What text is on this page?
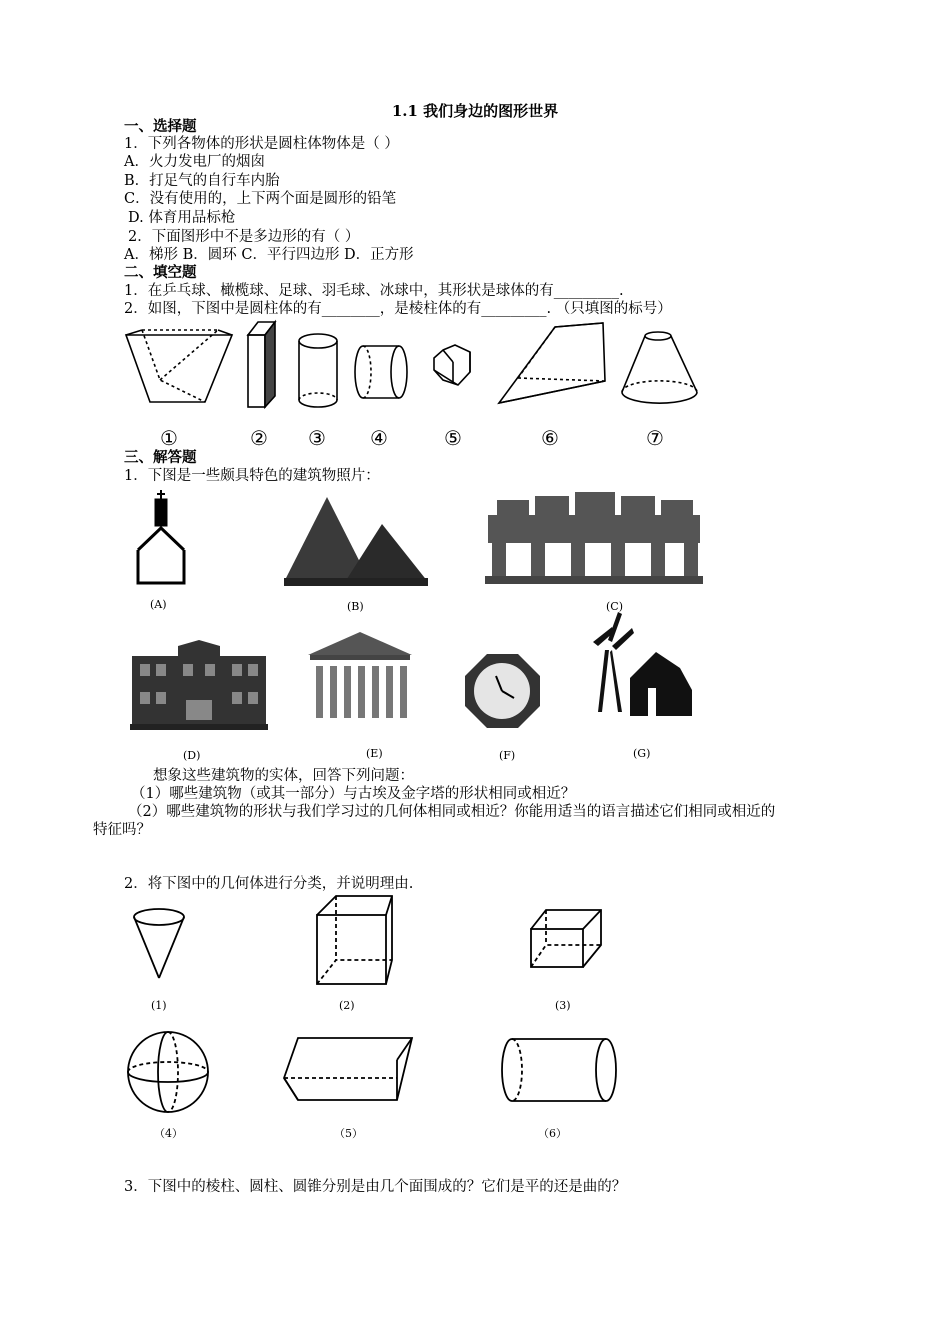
1.1 我们身边的图形世界
一、选择题
1．下列各物体的形状是圆柱体物体是（ ）
A．火力发电厂的烟囱
B．打足气的自行车内胎
C．没有使用的，上下两个面是圆形的铅笔
D. 体育用品标枪
2．下面图形中不是多边形的有（ ）
A．梯形 B．圆环 C．平行四边形 D．正方形
二、填空题
1．在乒乓球、橄榄球、足球、羽毛球、冰球中，其形状是球体的有_________.
2．如图，下图中是圆柱体的有________，是棱柱体的有_________. （只填图的标号）
①	② ③ ④	⑤	⑥	⑦
三、解答题
1．下图是一些颇具特色的建筑物照片：
(A)	(B)	(C)
(D)	(E)	(F)	(G)
想象这些建筑物的实体，回答下列问题：
（1）哪些建筑物（或其一部分）与古埃及金字塔的形状相同或相近？
（2）哪些建筑物的形状与我们学习过的几何体相同或相近？你能用适当的语言描述它们相同或相近的
特征吗？
2．将下图中的几何体进行分类，并说明理由.
(1)	(2)	(3)
（4）	（5）	（6）
3．下图中的棱柱、圆柱、圆锥分别是由几个面围成的？它们是平的还是曲的？
